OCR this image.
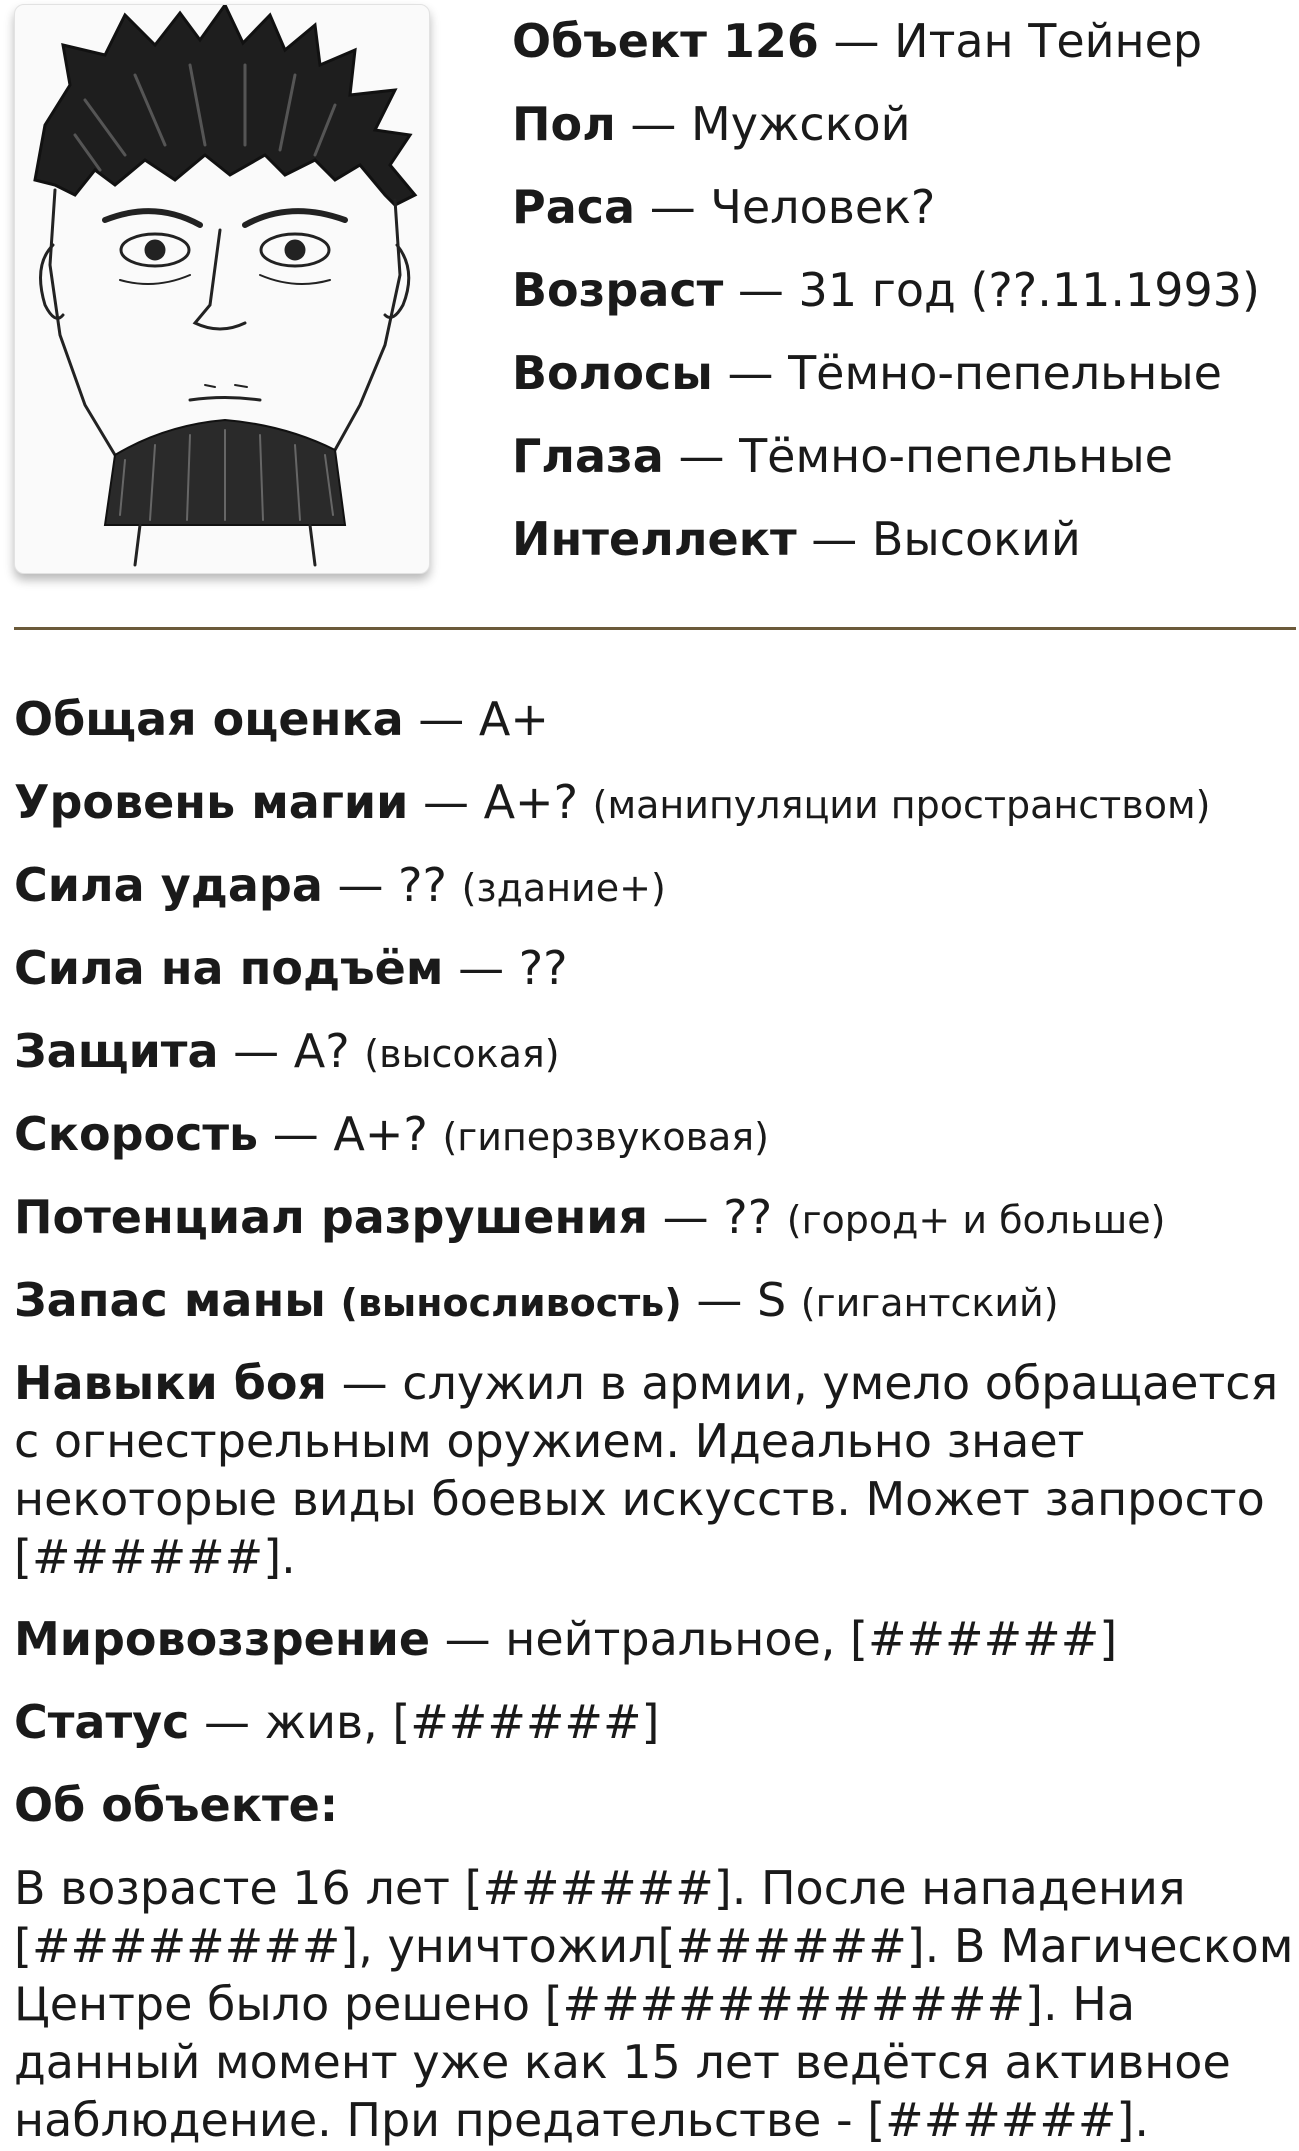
Объект 126 — Итан Тейнер
Пол — Мужской
Раса — Человек?
Возраст — 31 год (??.11.1993)
Волосы — Тёмно-пепельные
Глаза — Тёмно-пепельные
Интеллект — Высокий
Общая оценка — A+
Уровень магии — A+? (манипуляции пространством)
Сила удара — ?? (здание+)
Сила на подъём — ??
Защита — A? (высокая)
Скорость — A+? (гиперзвуковая)
Потенциал разрушения — ?? (город+ и больше)
Запас маны (выносливость) — S (гигантский)
Навыки боя — служил в армии, умело обращается с огнестрельным оружием. Идеально знает некоторые виды боевых искусств. Может запросто [######].
Мировоззрение — нейтральное, [######]
Статус — жив, [######]
Об объекте:
В возрасте 16 лет [######]. После нападения [########], уничтожил[######]. В Магическом Центре было решено [############]. На данный момент уже как 15 лет ведётся активное наблюдение. При предательстве - [######].
